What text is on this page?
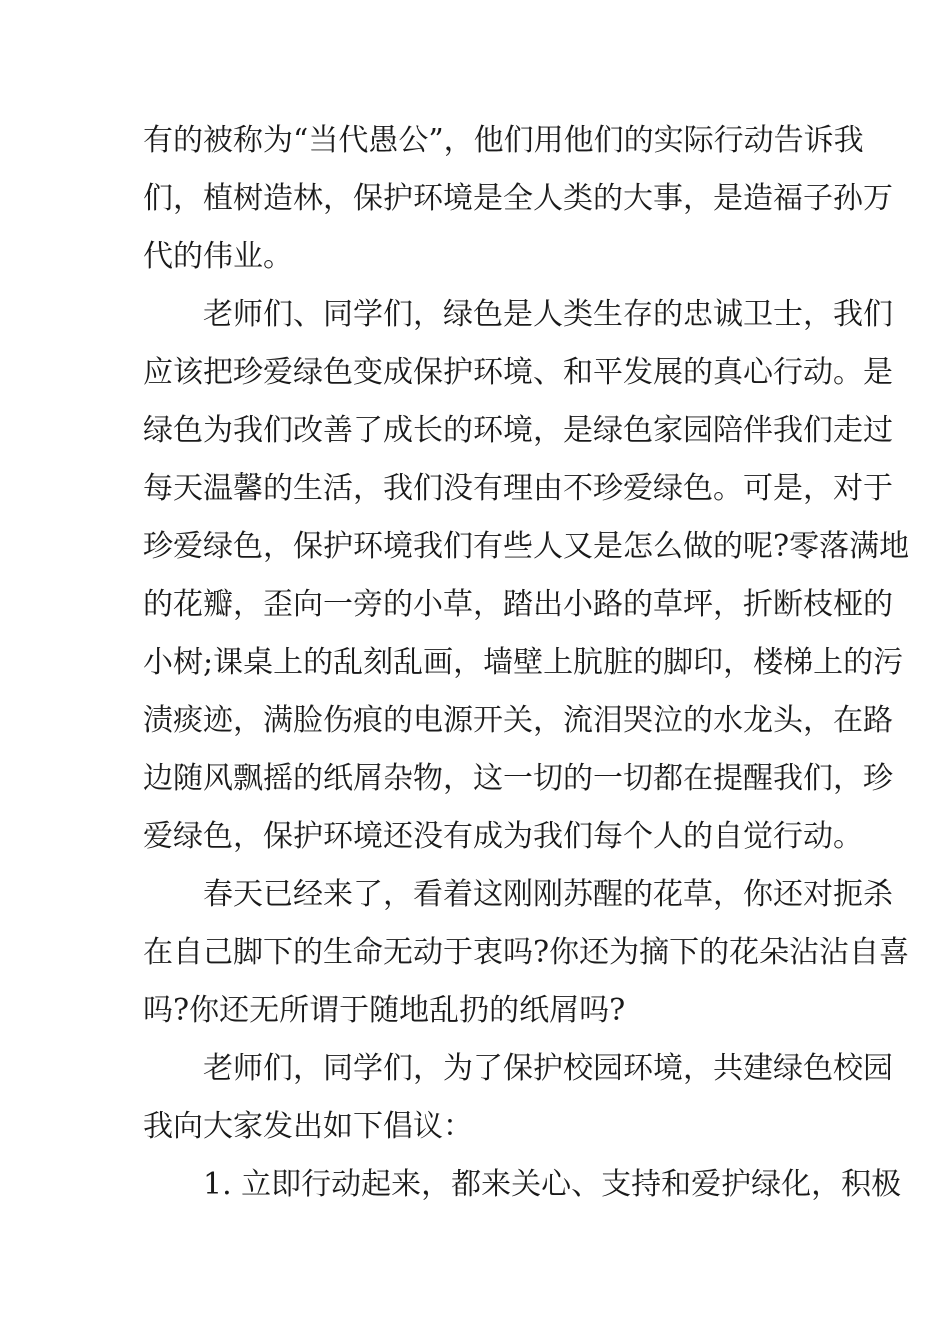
有的被称为“当代愚公”，他们用他们的实际行动告诉我
们，植树造林，保护环境是全人类的大事，是造福子孙万
代的伟业。
老师们、同学们，绿色是人类生存的忠诚卫士，我们
应该把珍爱绿色变成保护环境、和平发展的真心行动。是
绿色为我们改善了成长的环境，是绿色家园陪伴我们走过
每天温馨的生活，我们没有理由不珍爱绿色。可是，对于
珍爱绿色，保护环境我们有些人又是怎么做的呢?零落满地
的花瓣，歪向一旁的小草，踏出小路的草坪，折断枝桠的
小树;课桌上的乱刻乱画，墙壁上肮脏的脚印，楼梯上的污
渍痰迹，满脸伤痕的电源开关，流泪哭泣的水龙头，在路
边随风飘摇的纸屑杂物，这一切的一切都在提醒我们，珍
爱绿色，保护环境还没有成为我们每个人的自觉行动。
春天已经来了，看着这刚刚苏醒的花草，你还对扼杀
在自己脚下的生命无动于衷吗?你还为摘下的花朵沾沾自喜
吗?你还无所谓于随地乱扔的纸屑吗?
老师们，同学们，为了保护校园环境，共建绿色校园
我向大家发出如下倡议：
1. 立即行动起来，都来关心、支持和爱护绿化，积极
